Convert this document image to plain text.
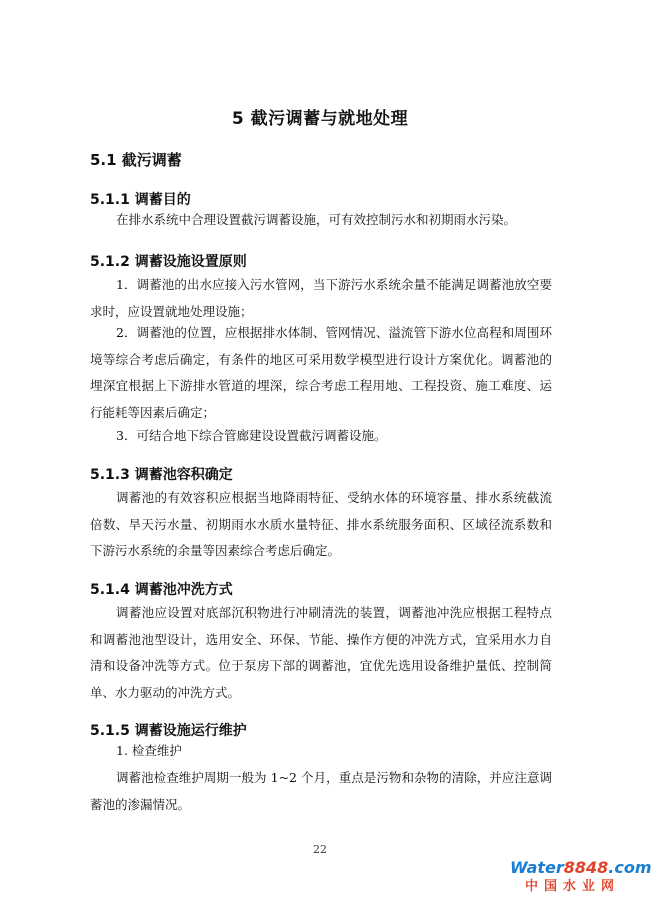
5 截污调蓄与就地处理
5.1 截污调蓄
5.1.1 调蓄目的

在排水系统中合理设置截污调蓄设施，可有效控制污水和初期雨水污染。

5.1.2 调蓄设施设置原则

1．调蓄池的出水应接入污水管网，当下游污水系统余量不能满足调蓄池放空要求时，应设置就地处理设施；

2．调蓄池的位置，应根据排水体制、管网情况、溢流管下游水位高程和周围环境等综合考虑后确定，有条件的地区可采用数学模型进行设计方案优化。调蓄池的埋深宜根据上下游排水管道的埋深，综合考虑工程用地、工程投资、施工难度、运行能耗等因素后确定；

3．可结合地下综合管廊建设设置截污调蓄设施。

5.1.3 调蓄池容积确定

调蓄池的有效容积应根据当地降雨特征、受纳水体的环境容量、排水系统截流倍数、旱天污水量、初期雨水水质水量特征、排水系统服务面积、区域径流系数和下游污水系统的余量等因素综合考虑后确定。

5.1.4 调蓄池冲洗方式

调蓄池应设置对底部沉积物进行冲刷清洗的装置，调蓄池冲洗应根据工程特点和调蓄池池型设计，选用安全、环保、节能、操作方便的冲洗方式，宜采用水力自清和设备冲洗等方式。位于泵房下部的调蓄池，宜优先选用设备维护量低、控制简单、水力驱动的冲洗方式。

5.1.5 调蓄设施运行维护

1. 检查维护

调蓄池检查维护周期一般为 1~2 个月，重点是污物和杂物的清除，并应注意调蓄池的渗漏情况。

22
Water8848.com
中国水业网
